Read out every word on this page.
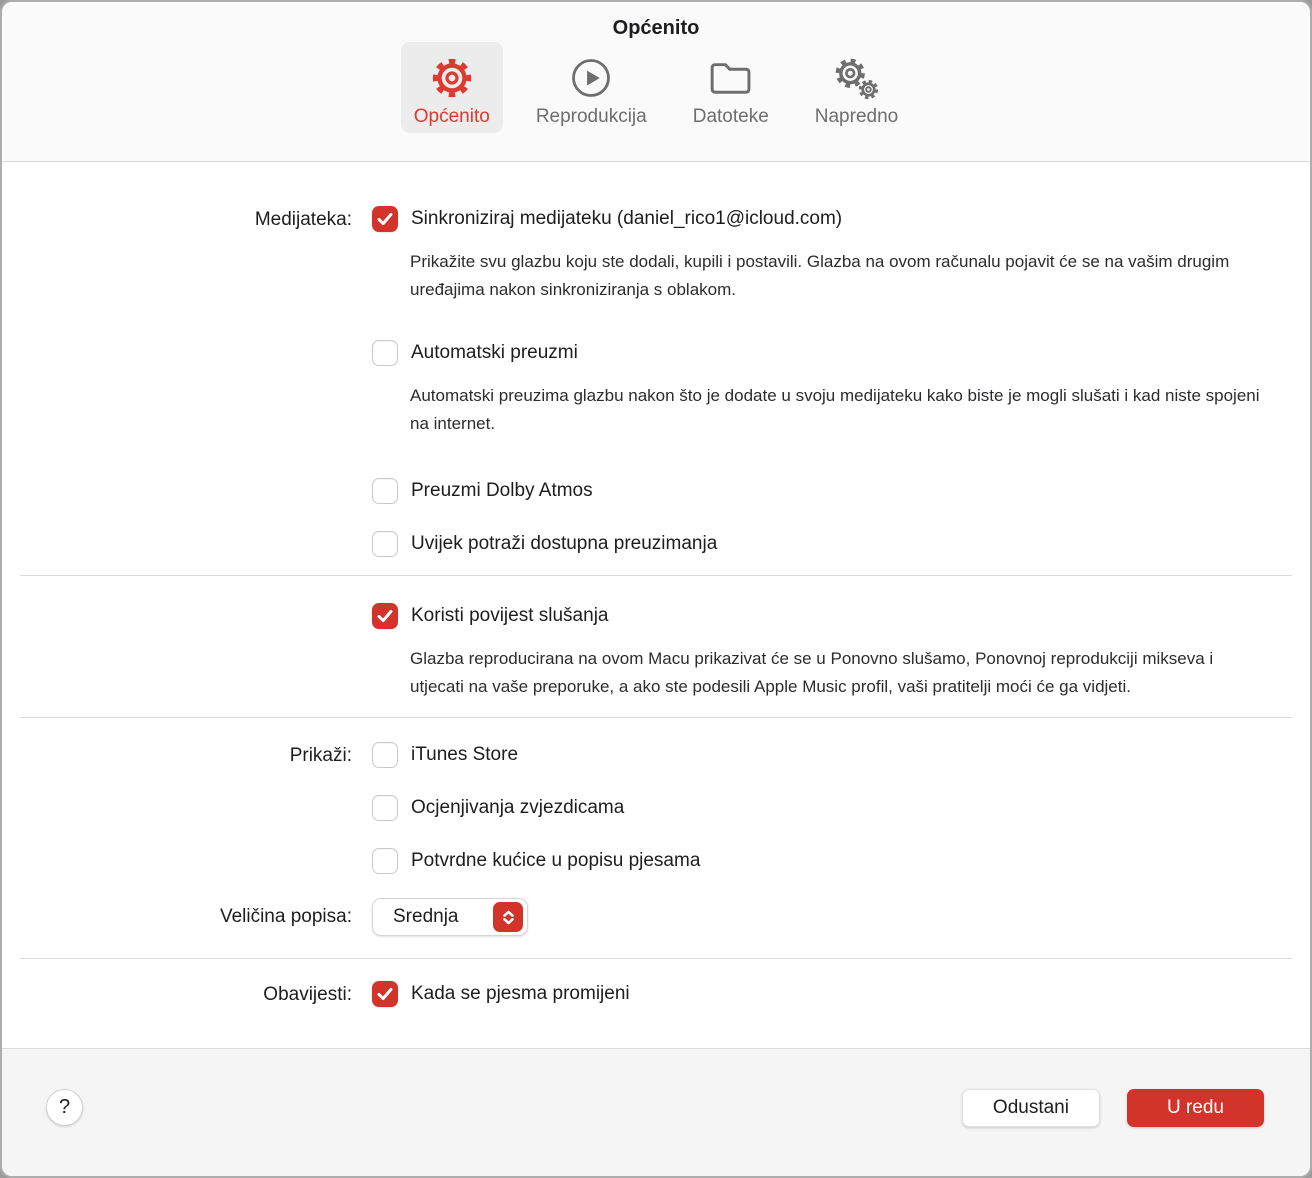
Općenito
Općenito Reprodukcija Datoteke Napredno
Medijateka:	Sinkroniziraj medijateku (daniel_rico1@icloud.com)

Prikažite svu glazbu koju ste dodali, kupili i postavili. Glazba na ovom računalu pojavit će se na vašim drugim uređajima nakon sinkroniziranja s oblakom.

Automatski preuzmi

Automatski preuzima glazbu nakon što je dodate u svoju medijateku kako biste je mogli slušati i kad niste spojeni na internet.

Preuzmi Dolby Atmos
Uvijek potraži dostupna preuzimanja
Koristi povijest slušanja

Glazba reproducirana na ovom Macu prikazivat će se u Ponovno slušamo, Ponovnoj reprodukciji mikseva i utjecati na vaše preporuke, a ako ste podesili Apple Music profil, vaši pratitelji moći će ga vidjeti.

Prikaži:	iTunes Store
Ocjenjivanja zvjezdicama
Potvrdne kućice u popisu pjesama
Veličina popisa: Srednja
Obavijesti:	Kada se pjesma promijeni
?	Odustani	U redu
